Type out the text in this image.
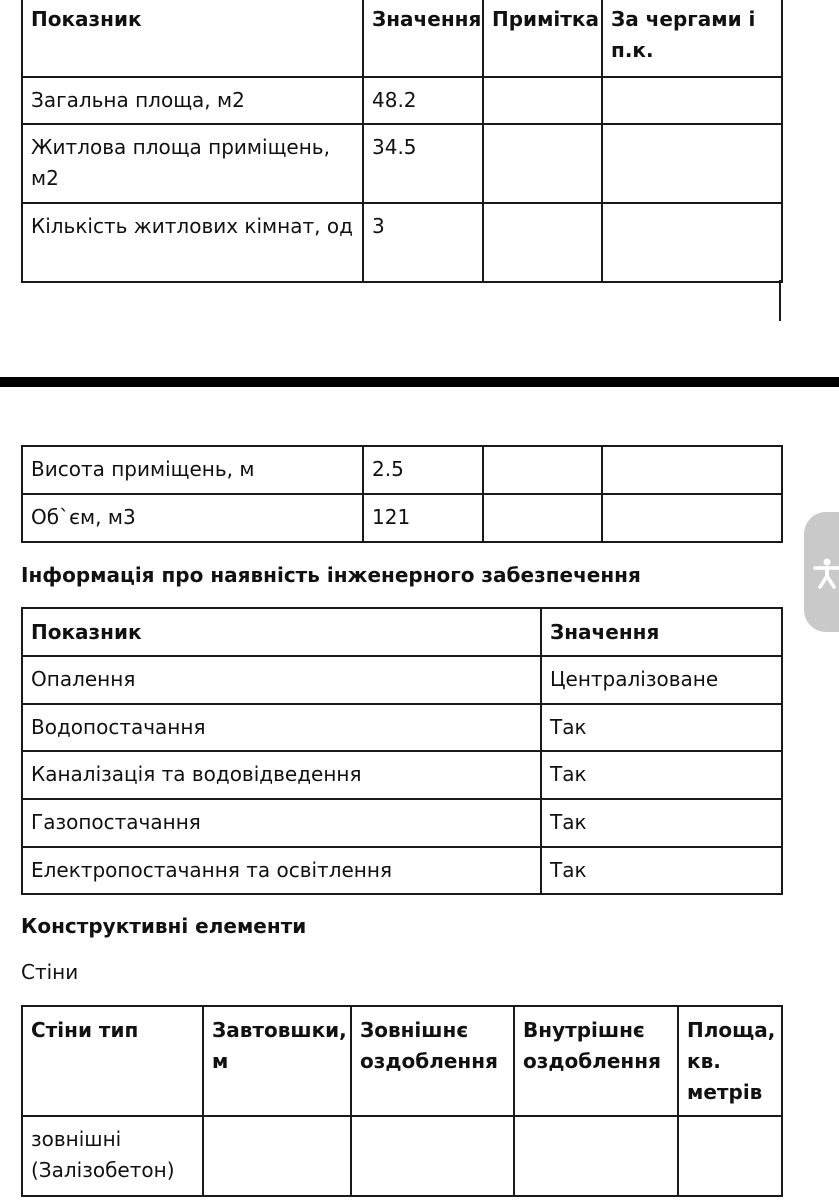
Показник	Значення	Примітка	За чергами і п.к.
Загальна площа, м2	48.2		
Житлова площа приміщень, м2	34.5		
Кількість житлових кімнат, од	3		
Висота приміщень, м	2.5		
Об`єм, м3	121		
Інформація про наявність інженерного забезпечення
Показник	Значення
Опалення	Централізоване
Водопостачання	Так
Каналізація та водовідведення	Так
Газопостачання	Так
Електропостачання та освітлення	Так
Конструктивні елементи
Стіни
Стіни тип	Завтовшки, м	Зовнішнє оздоблення	Внутрішнє оздоблення	Площа, кв. метрів
зовнішні (Залізобетон)				
